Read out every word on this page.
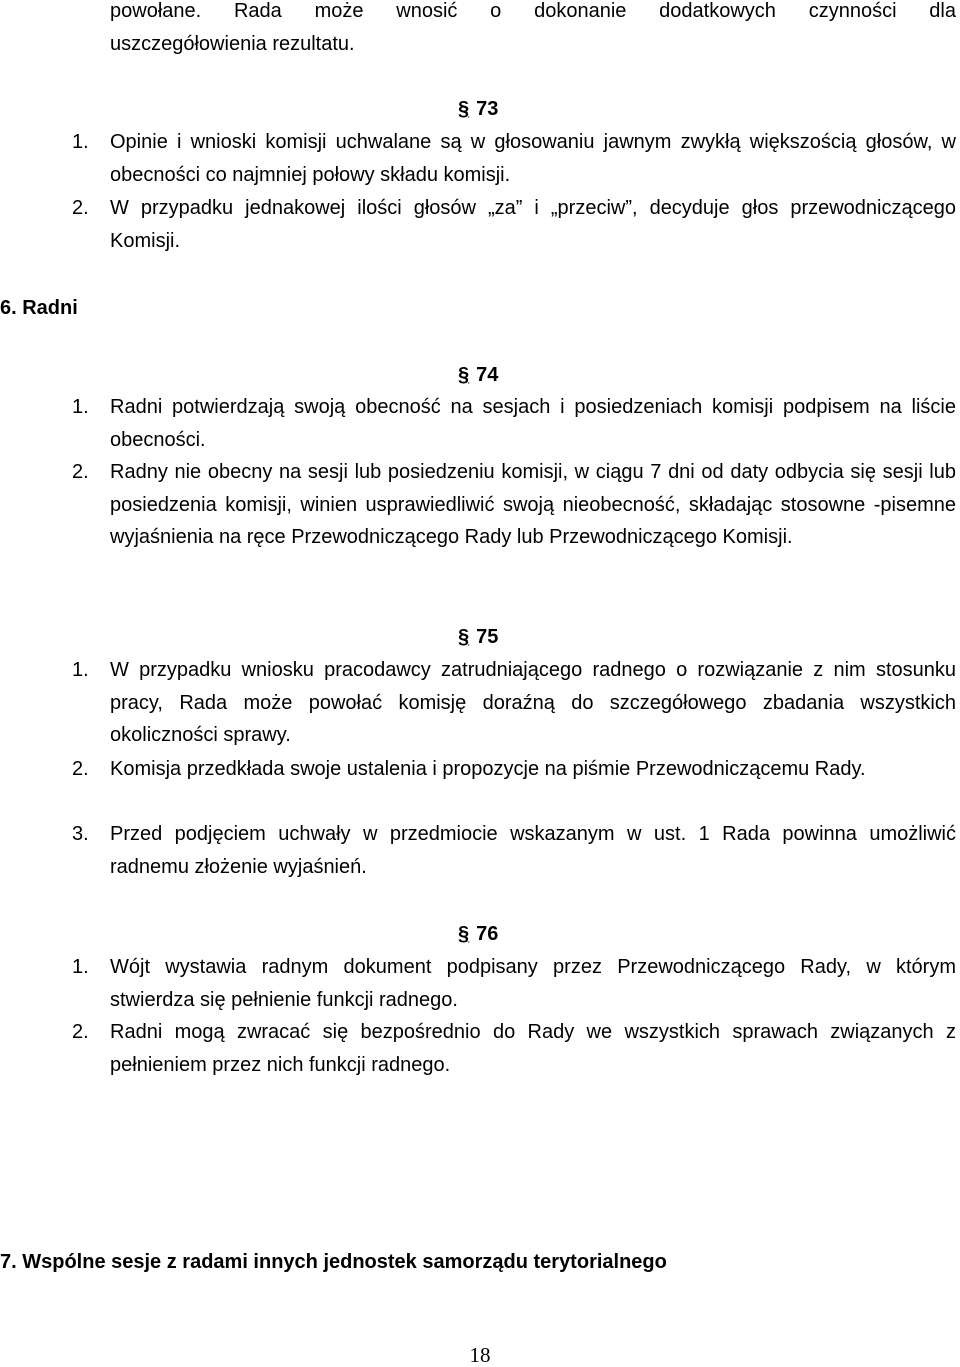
powołane. Rada może wnosić o dokonanie dodatkowych czynności dla
uszczegółowienia rezultatu.
§ 73
1. Opinie i wnioski komisji uchwalane są w głosowaniu jawnym zwykłą większością głosów, w obecności co najmniej połowy składu komisji.
2. W przypadku jednakowej ilości głosów „za” i „przeciw”, decyduje głos przewodniczącego Komisji.
6. Radni
§ 74
1. Radni potwierdzają swoją obecność na sesjach i posiedzeniach komisji podpisem na liście obecności.
2. Radny nie obecny na sesji lub posiedzeniu komisji, w ciągu 7 dni od daty odbycia się sesji lub posiedzenia komisji, winien usprawiedliwić swoją nieobecność, składając stosowne -pisemne wyjaśnienia na ręce Przewodniczącego Rady lub Przewodniczącego Komisji.
§ 75
1. W przypadku wniosku pracodawcy zatrudniającego radnego o rozwiązanie z nim stosunku pracy, Rada może powołać komisję doraźną do szczegółowego zbadania wszystkich okoliczności sprawy.
2. Komisja przedkłada swoje ustalenia i propozycje na piśmie Przewodniczącemu Rady.
3. Przed podjęciem uchwały w przedmiocie wskazanym w ust. 1 Rada powinna umożliwić radnemu złożenie wyjaśnień.
§ 76
1. Wójt wystawia radnym dokument podpisany przez Przewodniczącego Rady, w którym stwierdza się pełnienie funkcji radnego.
2. Radni mogą zwracać się bezpośrednio do Rady we wszystkich sprawach związanych z pełnieniem przez nich funkcji radnego.
7. Wspólne sesje z radami innych jednostek samorządu terytorialnego
18
